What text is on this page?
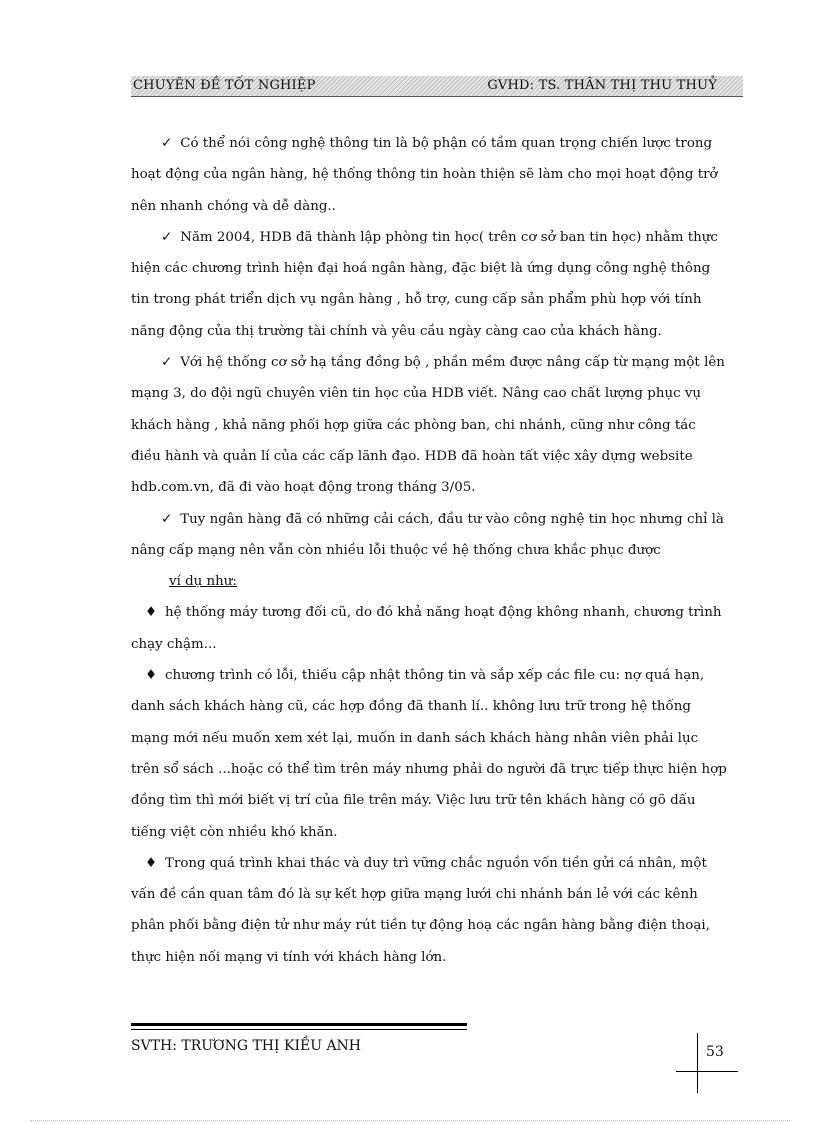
CHUYÊN ĐỀ TỐT NGHIỆP	GVHD: TS. THÂN THỊ THU THUỶ

✓ Có thể nói công nghệ thông tin là bộ phận có tầm quan trọng chiến lược trong

hoạt động của ngân hàng, hệ thống thông tin hoàn thiện sẽ làm cho mọi hoạt động trở

nên nhanh chóng và dễ dàng..

✓ Năm 2004, HDB đã thành lập phòng tin học( trên cơ sở ban tin học) nhằm thực

hiện các chương trình hiện đại hoá ngân hàng, đặc biệt là ứng dụng công nghệ thông

tin trong phát triển dịch vụ ngân hàng , hỗ trợ, cung cấp sản phẩm phù hợp với tính

năng động của thị trường tài chính và yêu cầu ngày càng cao của khách hàng.

✓ Với hệ thống cơ sở hạ tầng đồng bộ , phần mềm được nâng cấp từ mạng một lên

mạng 3, do đội ngũ chuyên viên tin học của HDB viết. Nâng cao chất lượng phục vụ

khách hàng , khả năng phối hợp giữa các phòng ban, chi nhánh, cũng như công tác

điều hành và quản lí của các cấp lãnh đạo. HDB đã hoàn tất việc xây dựng website

hdb.com.vn, đã đi vào hoạt động trong tháng 3/05.

✓ Tuy ngân hàng đã có những cải cách, đầu tư vào công nghệ tin học nhưng chỉ là

nâng cấp mạng nên vẫn còn nhiều lỗi thuộc về hệ thống chưa khắc phục được

ví dụ như:

♦ hệ thống máy tương đối cũ, do đó khả năng hoạt động không nhanh, chương trình

chạy chậm...

♦ chương trình có lỗi, thiếu cập nhật thông tin và sắp xếp các file cu: nợ quá hạn,

danh sách khách hàng cũ, các hợp đồng đã thanh lí.. không lưu trữ trong hệ thống

mạng mới nếu muốn xem xét lại, muốn in danh sách khách hàng nhân viên phải lục

trên sổ sách ...hoặc có thể tìm trên máy nhưng phải do người đã trực tiếp thực hiện hợp

đồng tìm thì mới biết vị trí của file trên máy. Việc lưu trữ tên khách hàng có gõ dấu

tiếng việt còn nhiều khó khăn.

♦ Trong quá trình khai thác và duy trì vững chắc nguồn vốn tiền gửi cá nhân, một

vấn đề cần quan tâm đó là sự kết hợp giữa mạng lưới chi nhánh bán lẻ với các kênh

phân phối bằng điện tử như máy rút tiền tự động hoạ các ngân hàng bằng điện thoại,

thực hiện nối mạng vi tính với khách hàng lớn.

SVTH: TRƯƠNG THỊ KIỀU ANH	53
